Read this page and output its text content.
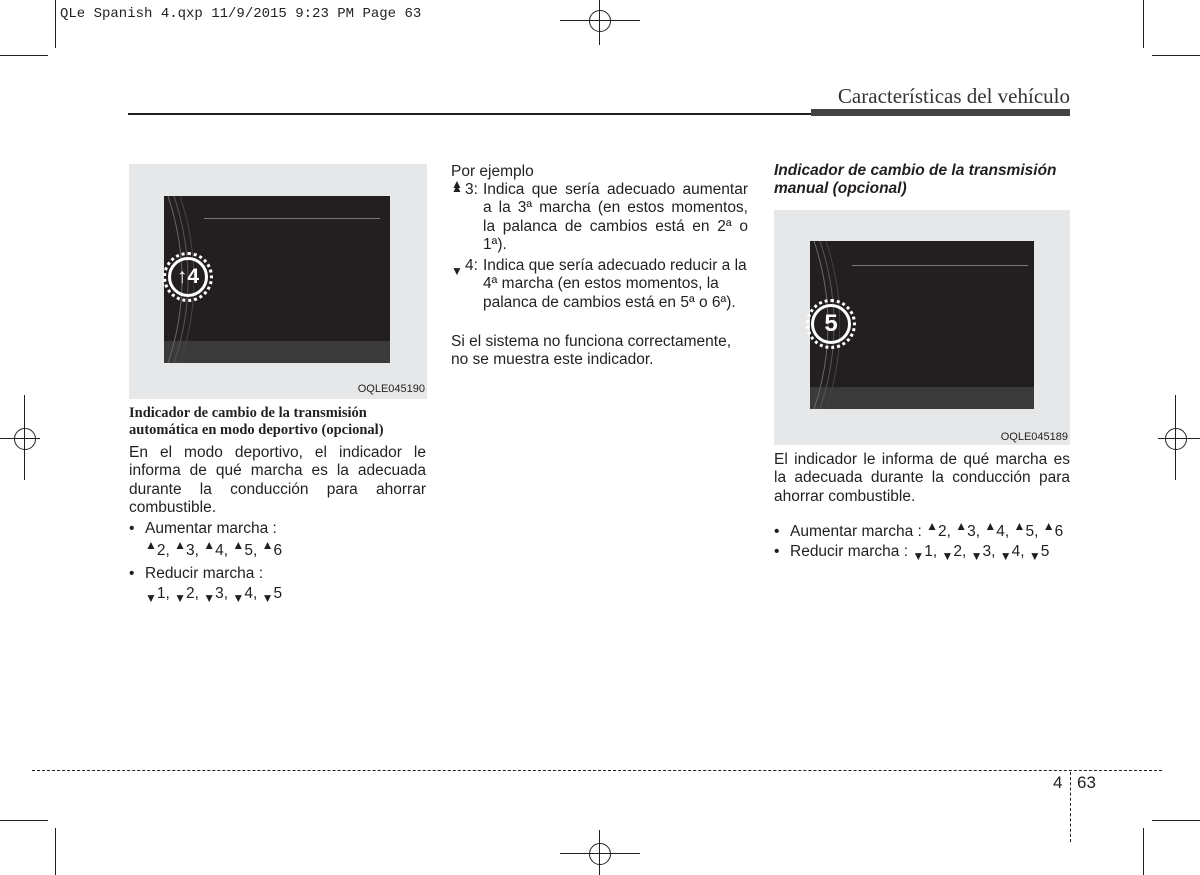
QLe Spanish 4.qxp 11/9/2015 9:23 PM Page 63
Características del vehículo
↑4
OQLE045190
Indicador de cambio de la transmisión automática en modo deportivo (opcional)
En el modo deportivo, el indicador le informa de qué marcha es la adecuada durante la conducción para ahorrar combustible.
• Aumentar marcha :
▲ 2, ▲ 3, ▲ 4, ▲ 5, ▲ 6
• Reducir marcha :
▼ 1, ▼ 2, ▼ 3, ▼ 4, ▼ 5
Por ejemplo
▲ 3: Indica que sería adecuado aumentar a la 3ª marcha (en estos momentos, la palanca de cambios está en 2ª o 1ª).
▼ 4: Indica que sería adecuado reducir a la 4ª marcha (en estos momentos, la palanca de cambios está en 5ª o 6ª).
Si el sistema no funciona correctamente, no se muestra este indicador.
Indicador de cambio de la transmisión manual (opcional)
5
OQLE045189
El indicador le informa de qué marcha es la adecuada durante la conducción para ahorrar combustible.
• Aumentar marcha : ▲ 2, ▲ 3, ▲ 4, ▲ 5, ▲ 6
• Reducir marcha : ▼ 1, ▼ 2, ▼ 3, ▼ 4, ▼ 5
4 63
